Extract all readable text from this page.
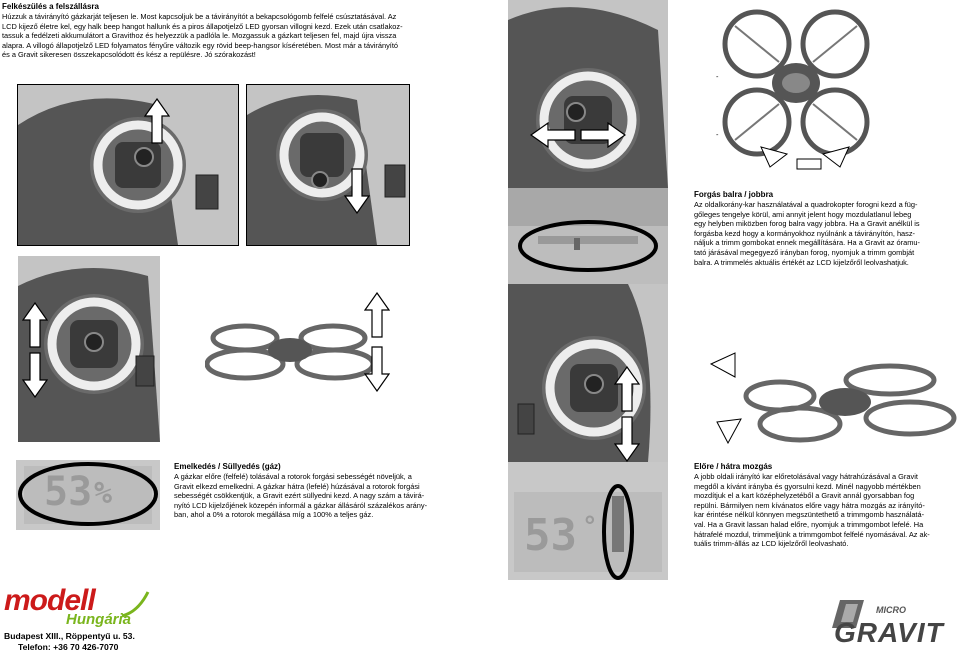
Felkészülés a felszállásra
Húzzuk a távirányító gázkarját teljesen le. Most kapcsoljuk be a távirányítót a bekapcsológomb felfelé csúsztatásával. Az
LCD kijező életre kel, egy halk beep hangot hallunk és a piros állapotjelző LED gyorsan villogni kezd. Ezek után csatlakoz-
tassuk a fedélzeti akkumulátort a Gravithoz és helyezzük a padlóla le. Mozgassuk a gázkart teljesen fel, majd újra vissza
alapra. A villogó állapotjelző LED folyamatos fényűre változik egy rövid beep-hangsor kíséretében. Most már a távirányító
és a Gravit sikeresen összekapcsolódott és kész a repülésre. Jó szórakozást!
-
-
Forgás balra / jobbra
Az oldalkorány-kar használatával a quadrokopter forogni kezd a füg-
gőleges tengelye körül, ami annyit jelent hogy mozdulatlanul lebeg
egy helyben miközben forog balra vagy jobbra. Ha a Gravit anélkül is
forgásba kezd hogy a kormányokhoz nyúlnánk a távirányítón, hasz-
náljuk a trimm gombokat ennek megállítására. Ha a Gravit az óramu-
tató járásával megegyező irányban forog, nyomjuk a trimm gombját
balra. A trimmelés aktuális értékét az LCD kijelzőről leolvashatjuk.
53 %
Emelkedés / Süllyedés (gáz)
A gázkar előre (felfelé) tolásával a rotorok forgási sebességét növeljük, a
Gravit elkezd emelkedni. A gázkar hátra (lefelé) húzásával a rotorok forgási
sebességét csökkentjük, a Gravit ezért süllyedni kezd. A nagy szám a távirá-
nyító LCD kijelzőjének közepén informál a gázkar állásáról százalékos arány-
ban, ahol a 0% a rotorok megállása míg a 100% a teljes gáz.	53 °
Előre / hátra mozgás
A jobb oldali irányító kar előretolásával vagy hátrahúzásával a Gravit
megdől a kívánt irányba és gyorsulni kezd. Minél nagyobb mértékben
mozdítjuk el a kart középhelyzetéből a Gravit annál gyorsabban fog
repülni. Bármilyen nem kívánatos előre vagy hátra mozgás az irányító-
kar érintése nélkül könnyen megszüntethető a trimmgomb használatá-
val. Ha a Gravit lassan halad előre, nyomjuk a trimmgombot lefelé. Ha
hátrafelé mozdul, trimmeljünk a trimmgombot felfelé nyomásával. Az ak-
tuális trimm-állás az LCD kijelzőről leolvasható.
modell
Hungária
Budapest XIII., Röppentyű u. 53.
Telefon: +36 70 426-7070
MICRO
GRAVIT
